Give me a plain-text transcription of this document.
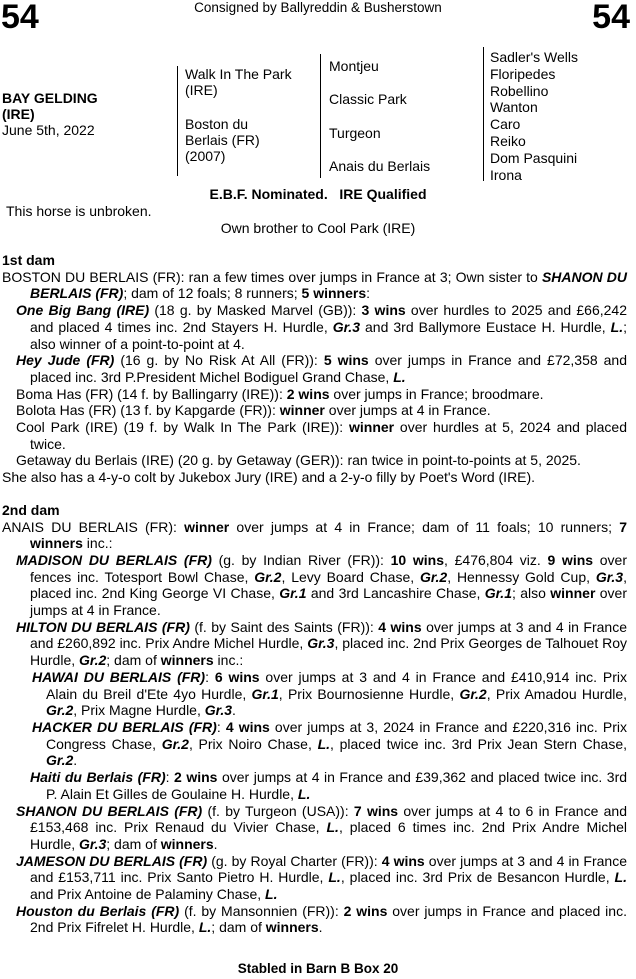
54	54
Consigned by Ballyreddin & Busherstown
BAY GELDING
(IRE)
June 5th, 2022
Walk In The Park
(IRE)
Boston du
Berlais (FR)
(2007)
Montjeu
Classic Park
Turgeon
Anais du Berlais
Sadler's Wells
Floripedes
Robellino
Wanton
Caro
Reiko
Dom Pasquini
Irona
E.B.F. Nominated.   IRE Qualified
This horse is unbroken.
Own brother to Cool Park (IRE)
1st dam

BOSTON DU BERLAIS (FR): ran a few times over jumps in France at 3; Own sister to SHANON DU BERLAIS (FR); dam of 12 foals; 8 runners; 5 winners:

One Big Bang (IRE) (18 g. by Masked Marvel (GB)): 3 wins over hurdles to 2025 and £66,242 and placed 4 times inc. 2nd Stayers H. Hurdle, Gr.3 and 3rd Ballymore Eustace H. Hurdle, L.; also winner of a point-to-point at 4.

Hey Jude (FR) (16 g. by No Risk At All (FR)): 5 wins over jumps in France and £72,358 and placed inc. 3rd P.President Michel Bodiguel Grand Chase, L.

Boma Has (FR) (14 f. by Ballingarry (IRE)): 2 wins over jumps in France; broodmare.

Bolota Has (FR) (13 f. by Kapgarde (FR)): winner over jumps at 4 in France.

Cool Park (IRE) (19 f. by Walk In The Park (IRE)): winner over hurdles at 5, 2024 and placed twice.

Getaway du Berlais (IRE) (20 g. by Getaway (GER)): ran twice in point-to-points at 5, 2025.

She also has a 4-y-o colt by Jukebox Jury (IRE) and a 2-y-o filly by Poet's Word (IRE).

2nd dam

ANAIS DU BERLAIS (FR): winner over jumps at 4 in France; dam of 11 foals; 10 runners; 7 winners inc.:

MADISON DU BERLAIS (FR) (g. by Indian River (FR)): 10 wins, £476,804 viz. 9 wins over fences inc. Totesport Bowl Chase, Gr.2, Levy Board Chase, Gr.2, Hennessy Gold Cup, Gr.3, placed inc. 2nd King George VI Chase, Gr.1 and 3rd Lancashire Chase, Gr.1; also winner over jumps at 4 in France.

HILTON DU BERLAIS (FR) (f. by Saint des Saints (FR)): 4 wins over jumps at 3 and 4 in France and £260,892 inc. Prix Andre Michel Hurdle, Gr.3, placed inc. 2nd Prix Georges de Talhouet Roy Hurdle, Gr.2; dam of winners inc.:

HAWAI DU BERLAIS (FR): 6 wins over jumps at 3 and 4 in France and £410,914 inc. Prix Alain du Breil d'Ete 4yo Hurdle, Gr.1, Prix Bournosienne Hurdle, Gr.2, Prix Amadou Hurdle, Gr.2, Prix Magne Hurdle, Gr.3.

HACKER DU BERLAIS (FR): 4 wins over jumps at 3, 2024 in France and £220,316 inc. Prix Congress Chase, Gr.2, Prix Noiro Chase, L., placed twice inc. 3rd Prix Jean Stern Chase, Gr.2.

Haiti du Berlais (FR): 2 wins over jumps at 4 in France and £39,362 and placed twice inc. 3rd P. Alain Et Gilles de Goulaine H. Hurdle, L.

SHANON DU BERLAIS (FR) (f. by Turgeon (USA)): 7 wins over jumps at 4 to 6 in France and £153,468 inc. Prix Renaud du Vivier Chase, L., placed 6 times inc. 2nd Prix Andre Michel Hurdle, Gr.3; dam of winners.

JAMESON DU BERLAIS (FR) (g. by Royal Charter (FR)): 4 wins over jumps at 3 and 4 in France and £153,711 inc. Prix Santo Pietro H. Hurdle, L., placed inc. 3rd Prix de Besancon Hurdle, L. and Prix Antoine de Palaminy Chase, L.

Houston du Berlais (FR) (f. by Mansonnien (FR)): 2 wins over jumps in France and placed inc. 2nd Prix Fifrelet H. Hurdle, L.; dam of winners.

Stabled in Barn B Box 20
